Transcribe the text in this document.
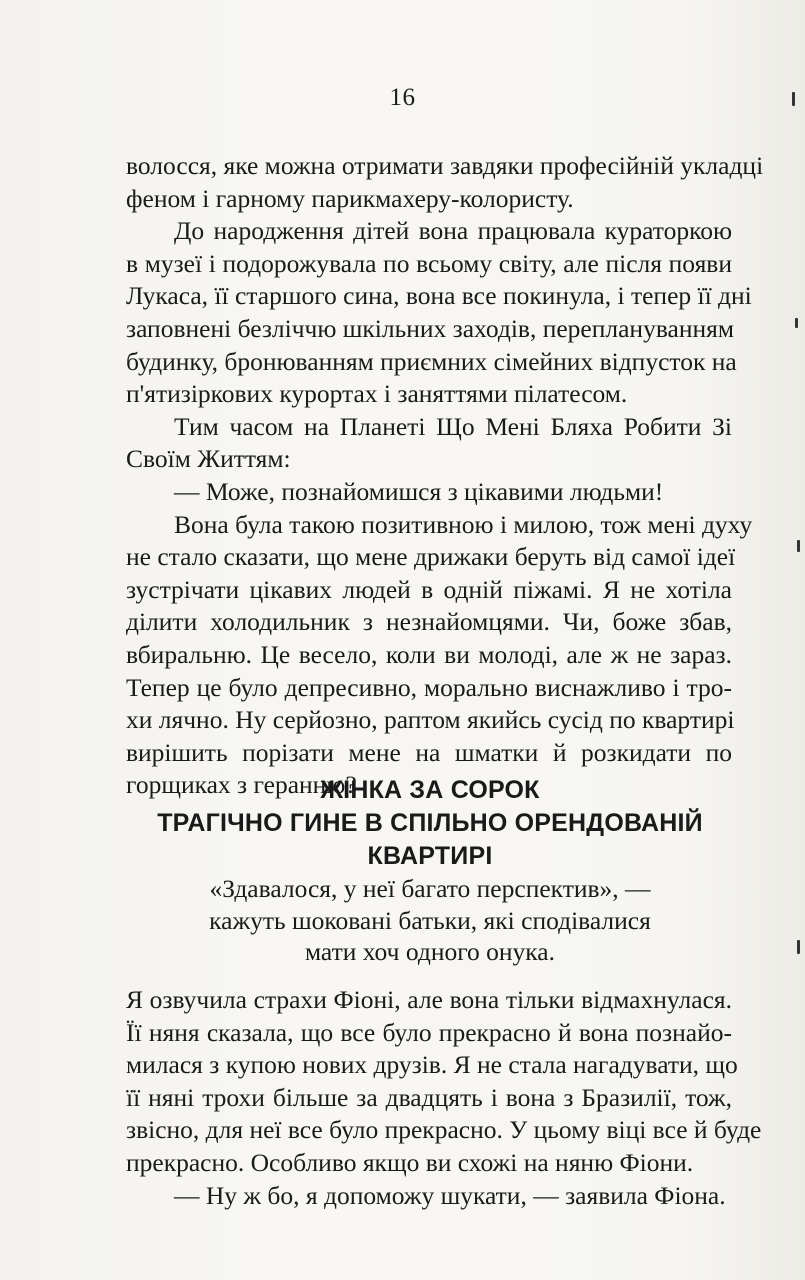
16

волосся, яке можна отримати завдяки професійній укладці
феном і гарному парикмахеру-колористу.

До народження дітей вона працювала кураторкою
в музеї і подорожувала по всьому світу, але після появи
Лукаса, її старшого сина, вона все покинула, і тепер її дні
заповнені безліччю шкільних заходів, переплануванням
будинку, бронюванням приємних сімейних відпусток на
п'ятизіркових курортах і заняттями пілатесом.

Тим часом на Планеті Що Мені Бляха Робити Зі
Своїм Життям:

— Може, познайомишся з цікавими людьми!

Вона була такою позитивною і милою, тож мені духу
не стало сказати, що мене дрижаки беруть від самої ідеї
зустрічати цікавих людей в одній піжамі. Я не хотіла
ділити холодильник з незнайомцями. Чи, боже збав,
вбиральню. Це весело, коли ви молоді, але ж не зараз.
Тепер це було депресивно, морально виснажливо і тро-
хи лячно. Ну серйозно, раптом якийсь сусід по квартирі
вирішить порізати мене на шматки й розкидати по
горщиках з геранню?

ЖІНКА ЗА СОРОК
ТРАГІЧНО ГИНЕ В СПІЛЬНО ОРЕНДОВАНІЙ
КВАРТИРІ
«Здавалося, у неї багато перспектив», —
кажуть шоковані батьки, які сподівалися
мати хоч одного онука.

Я озвучила страхи Фіоні, але вона тільки відмахнулася.
Її няня сказала, що все було прекрасно й вона познайо-
милася з купою нових друзів. Я не стала нагадувати, що
її няні трохи більше за двадцять і вона з Бразилії, тож,
звісно, для неї все було прекрасно. У цьому віці все й буде
прекрасно. Особливо якщо ви схожі на няню Фіони.

— Ну ж бо, я допоможу шукати, — заявила Фіона.
